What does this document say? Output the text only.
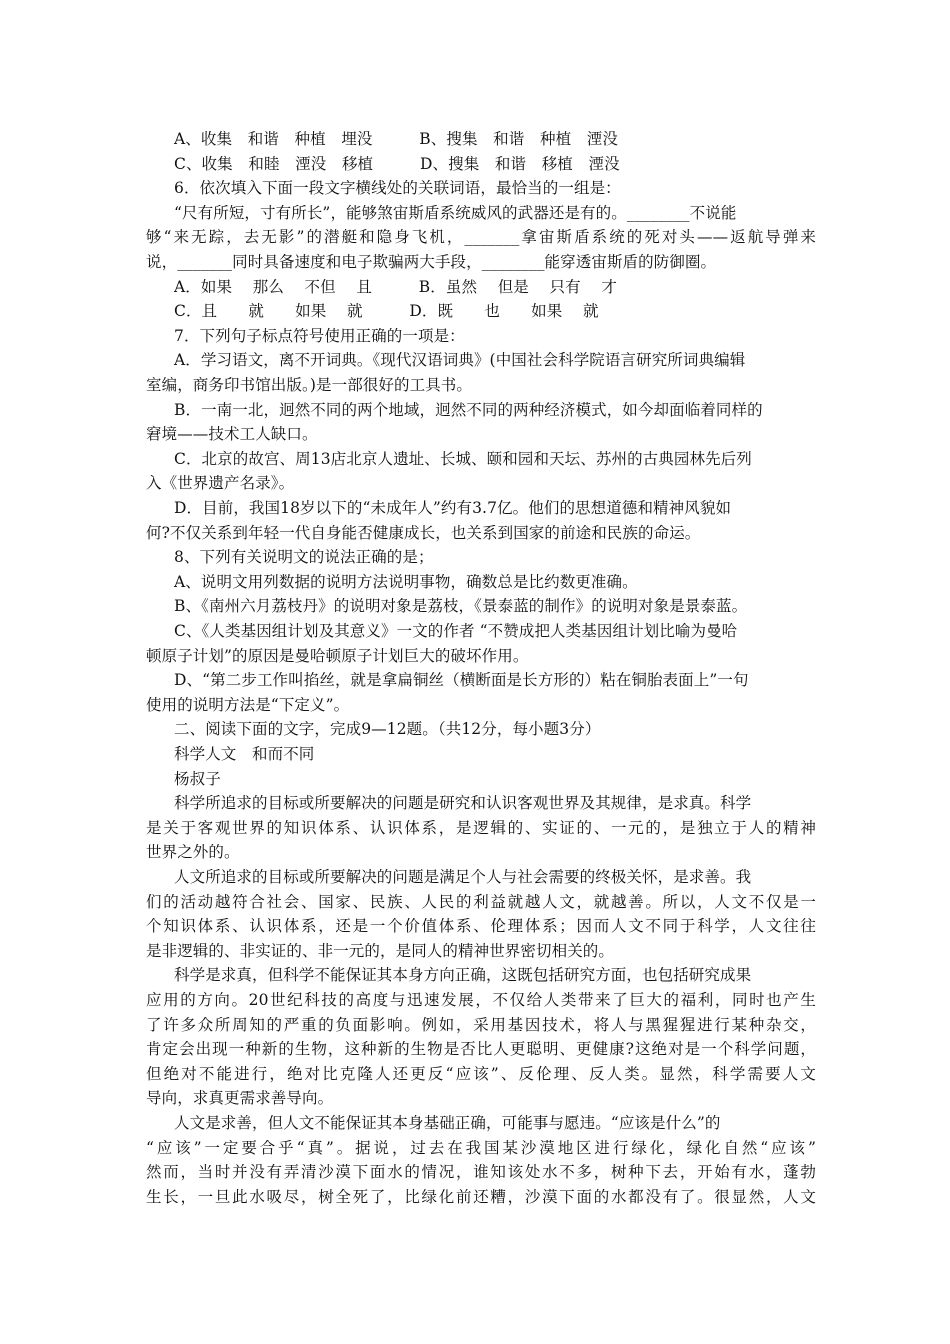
A、收集　和谐　种植　埋没　　　B、搜集　和谐　种植　湮没
C、收集　和睦　湮没　移植　　　D、搜集　和谐　移植　湮没
6．依次填入下面一段文字横线处的关联词语，最恰当的一组是：
“尺有所短，寸有所长”，能够煞宙斯盾系统威风的武器还是有的。________不说能
够“来无踪，去无影”的潜艇和隐身飞机，_______拿宙斯盾系统的死对头——返航导弹来
说，_______同时具备速度和电子欺骗两大手段，________能穿透宙斯盾的防御圈。
A．如果　 那么　 不但　 且　　　B．虽然　 但是　 只有　 才
C．且　　就　　如果　 就　　　D．既　　也　　如果　 就
7．下列句子标点符号使用正确的一项是：
A．学习语文，离不开词典。《现代汉语词典》(中国社会科学院语言研究所词典编辑
室编，商务印书馆出版。)是一部很好的工具书。
B．一南一北，迥然不同的两个地域，迥然不同的两种经济模式，如今却面临着同样的
窘境——技术工人缺口。
C．北京的故宫、周13店北京人遗址、长城、颐和园和天坛、苏州的古典园林先后列
入《世界遗产名录》。
D．目前，我国18岁以下的“未成年人”约有3.7亿。他们的思想道德和精神风貌如
何?不仅关系到年轻一代自身能否健康成长，也关系到国家的前途和民族的命运。
8、下列有关说明文的说法正确的是；
A、说明文用列数据的说明方法说明事物，确数总是比约数更准确。
B、《南州六月荔枝丹》的说明对象是荔枝，《景泰蓝的制作》的说明对象是景泰蓝。
C、《人类基因组计划及其意义》一文的作者 “不赞成把人类基因组计划比喻为曼哈
顿原子计划”的原因是曼哈顿原子计划巨大的破坏作用。
D、“第二步工作叫掐丝，就是拿扁铜丝（横断面是长方形的）粘在铜胎表面上”一句
使用的说明方法是“下定义”。
二、阅读下面的文字，完成9—12题。（共12分，每小题3分）
科学人文　和而不同
杨叔子
科学所追求的目标或所要解决的问题是研究和认识客观世界及其规律，是求真。科学
是关于客观世界的知识体系、认识体系，是逻辑的、实证的、一元的，是独立于人的精神
世界之外的。
人文所追求的目标或所要解决的问题是满足个人与社会需要的终极关怀，是求善。我
们的活动越符合社会、国家、民族、人民的利益就越人文，就越善。所以，人文不仅是一
个知识体系、认识体系，还是一个价值体系、伦理体系；因而人文不同于科学，人文往往
是非逻辑的、非实证的、非一元的，是同人的精神世界密切相关的。
科学是求真，但科学不能保证其本身方向正确，这既包括研究方面，也包括研究成果
应用的方向。20世纪科技的高度与迅速发展，不仅给人类带来了巨大的福利，同时也产生
了许多众所周知的严重的负面影响。例如，采用基因技术，将人与黑猩猩进行某种杂交，
肯定会出现一种新的生物，这种新的生物是否比人更聪明、更健康?这绝对是一个科学问题，
但绝对不能进行，绝对比克隆人还更反“应该”、反伦理、反人类。显然，科学需要人文
导向，求真更需求善导向。
人文是求善，但人文不能保证其本身基础正确，可能事与愿违。“应该是什么”的
“应该”一定要合乎“真”。据说，过去在我国某沙漠地区进行绿化，绿化自然“应该”
然而，当时并没有弄清沙漠下面水的情况，谁知该处水不多，树种下去，开始有水，蓬勃
生长，一旦此水吸尽，树全死了，比绿化前还糟，沙漠下面的水都没有了。很显然，人文
